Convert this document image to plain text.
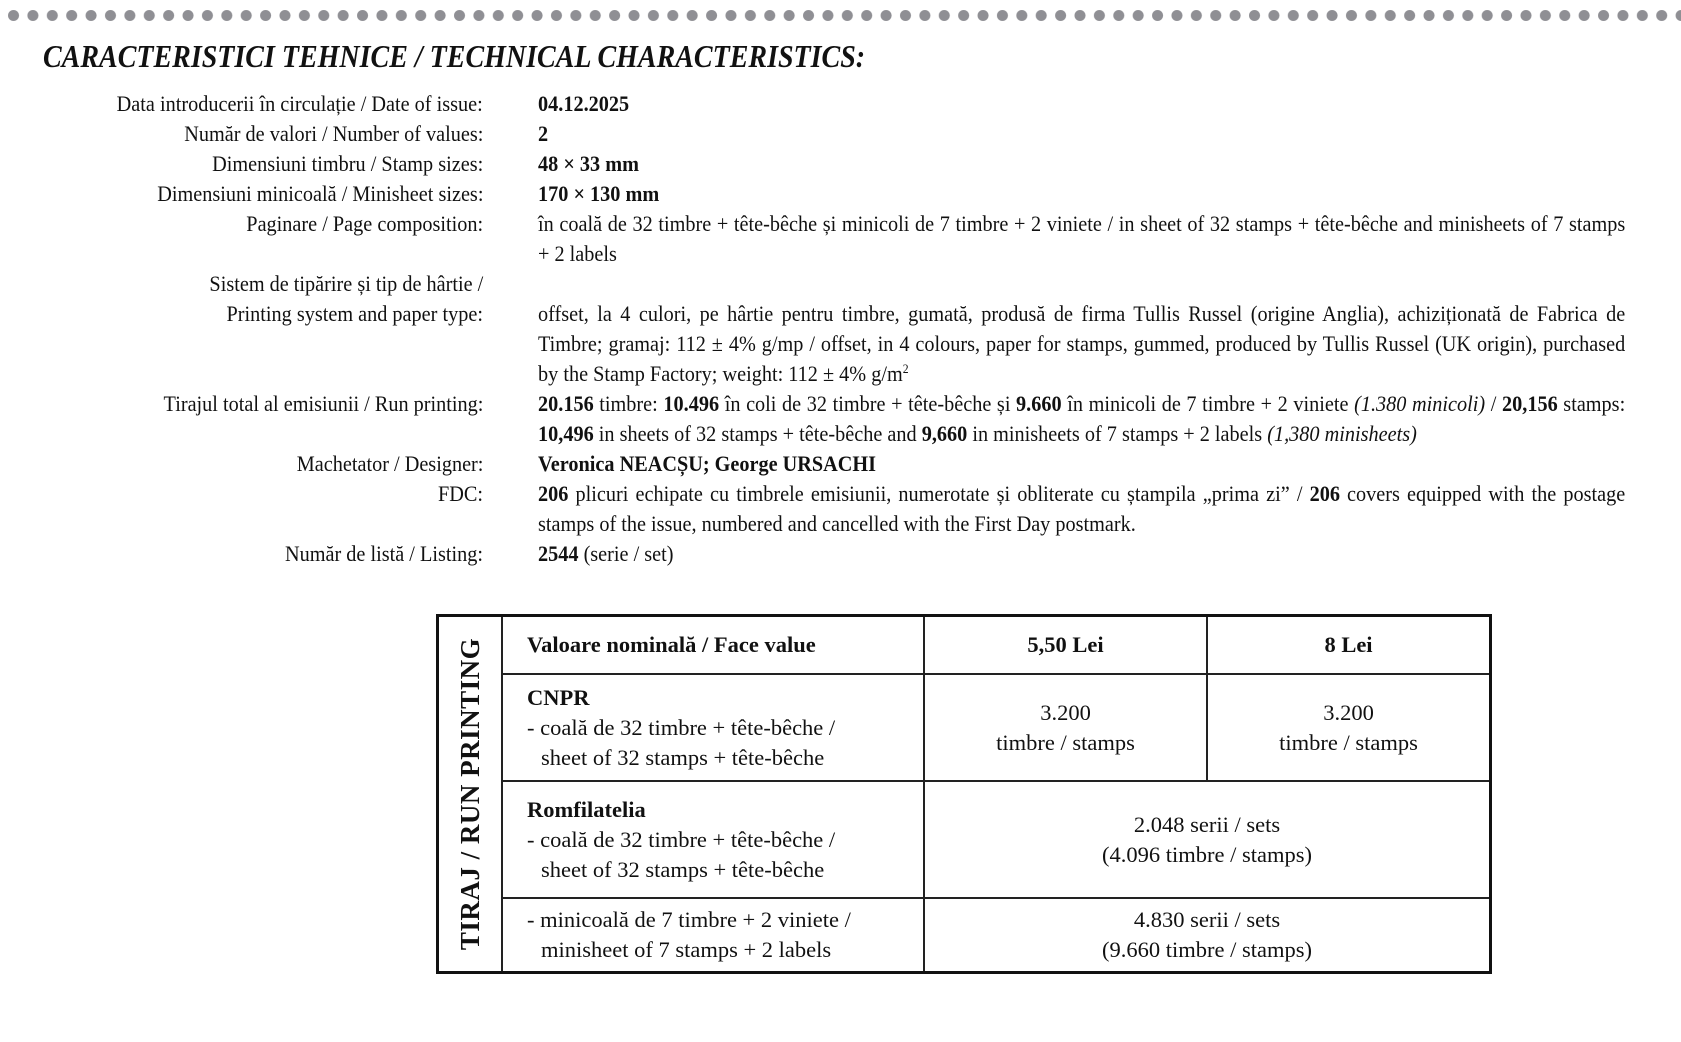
CARACTERISTICI TEHNICE / TECHNICAL CHARACTERISTICS:
Data introducerii în circulație / Date of issue: 04.12.2025
Număr de valori / Number of values: 2
Dimensiuni timbru / Stamp sizes: 48 × 33 mm
Dimensiuni minicoală / Minisheet sizes: 170 × 130 mm
Paginare / Page composition: în coală de 32 timbre + tête-bêche și minicoli de 7 timbre + 2 viniete / in sheet of 32 stamps + tête-bêche and minisheets of 7 stamps + 2 labels
Sistem de tipărire și tip de hârtie /
Printing system and paper type: offset, la 4 culori, pe hârtie pentru timbre, gumată, produsă de firma Tullis Russel (origine Anglia), achiziționată de Fabrica de Timbre; gramaj: 112 ± 4% g/mp / offset, in 4 colours, paper for stamps, gummed, produced by Tullis Russel (UK origin), purchased by the Stamp Factory; weight: 112 ± 4% $g/m^2$
Tirajul total al emisiunii / Run printing: 20.156 timbre: 10.496 în coli de 32 timbre + tête-bêche și 9.660 în minicoli de 7 timbre + 2 viniete (1.380 minicoli) / 20,156 stamps: 10,496 in sheets of 32 stamps + tête-bêche and 9,660 in minisheets of 7 stamps + 2 labels (1,380 minisheets)
Machetator / Designer: Veronica NEACȘU; George URSACHI
FDC: 206 plicuri echipate cu timbrele emisiunii, numerotate și obliterate cu ștampila „prima zi” / 206 covers equipped with the postage stamps of the issue, numbered and cancelled with the First Day postmark.
Număr de listă / Listing: 2544 (serie / set)
TIRAJ / RUN PRINTING	Valoare nominală / Face value	5,50 Lei	8 Lei

	CNPR
- coală de 32 timbre + tête-bêche /
sheet of 32 stamps + tête-bêche	3.200
timbre / stamps	3.200
timbre / stamps

	Romfilatelia
- coală de 32 timbre + tête-bêche /
sheet of 32 stamps + tête-bêche	2.048 serii / sets
(4.096 timbre / stamps)	

	- minicoală de 7 timbre + 2 viniete /
minisheet of 7 stamps + 2 labels	4.830 serii / sets
(9.660 timbre / stamps)	
